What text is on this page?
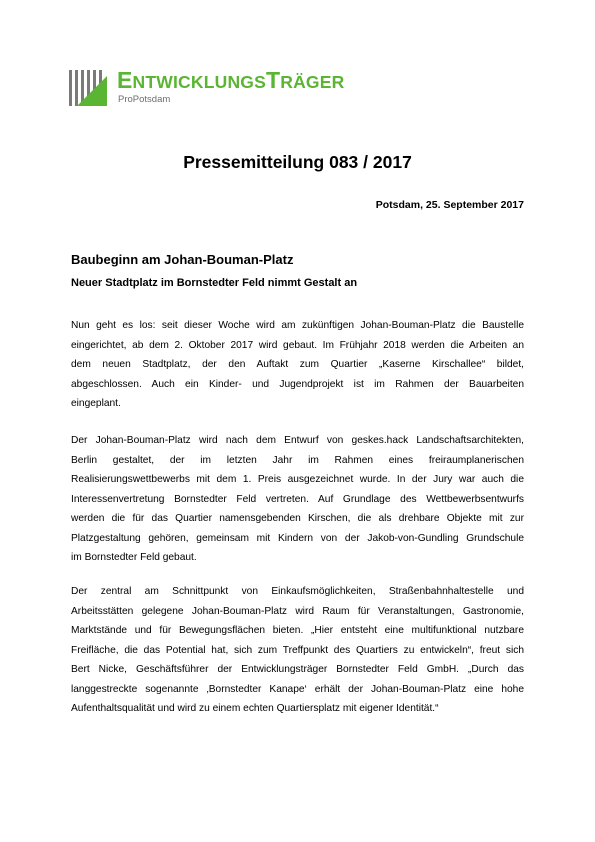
ENTWICKLUNGSTRÄGER
ProPotsdam
Pressemitteilung 083 / 2017
Potsdam, 25. September 2017
Baubeginn am Johan-Bouman-Platz
Neuer Stadtplatz im Bornstedter Feld nimmt Gestalt an
Nun geht es los: seit dieser Woche wird am zukünftigen Johan-Bouman-Platz die Baustelle
eingerichtet, ab dem 2. Oktober 2017 wird gebaut. Im Frühjahr 2018 werden die Arbeiten an
dem neuen Stadtplatz, der den Auftakt zum Quartier „Kaserne Kirschallee“ bildet,
abgeschlossen. Auch ein Kinder- und Jugendprojekt ist im Rahmen der Bauarbeiten
eingeplant.
Der Johan-Bouman-Platz wird nach dem Entwurf von geskes.hack Landschaftsarchitekten,
Berlin gestaltet, der im letzten Jahr im Rahmen eines freiraumplanerischen
Realisierungswettbewerbs mit dem 1. Preis ausgezeichnet wurde. In der Jury war auch die
Interessenvertretung Bornstedter Feld vertreten. Auf Grundlage des Wettbewerbsentwurfs
werden die für das Quartier namensgebenden Kirschen, die als drehbare Objekte mit zur
Platzgestaltung gehören, gemeinsam mit Kindern von der Jakob-von-Gundling Grundschule
im Bornstedter Feld gebaut.
Der zentral am Schnittpunkt von Einkaufsmöglichkeiten, Straßenbahnhaltestelle und
Arbeitsstätten gelegene Johan-Bouman-Platz wird Raum für Veranstaltungen, Gastronomie,
Marktstände und für Bewegungsflächen bieten. „Hier entsteht eine multifunktional nutzbare
Freifläche, die das Potential hat, sich zum Treffpunkt des Quartiers zu entwickeln“, freut sich
Bert Nicke, Geschäftsführer der Entwicklungsträger Bornstedter Feld GmbH. „Durch das
langgestreckte sogenannte ‚Bornstedter Kanape‘ erhält der Johan-Bouman-Platz eine hohe
Aufenthaltsqualität und wird zu einem echten Quartiersplatz mit eigener Identität.“
